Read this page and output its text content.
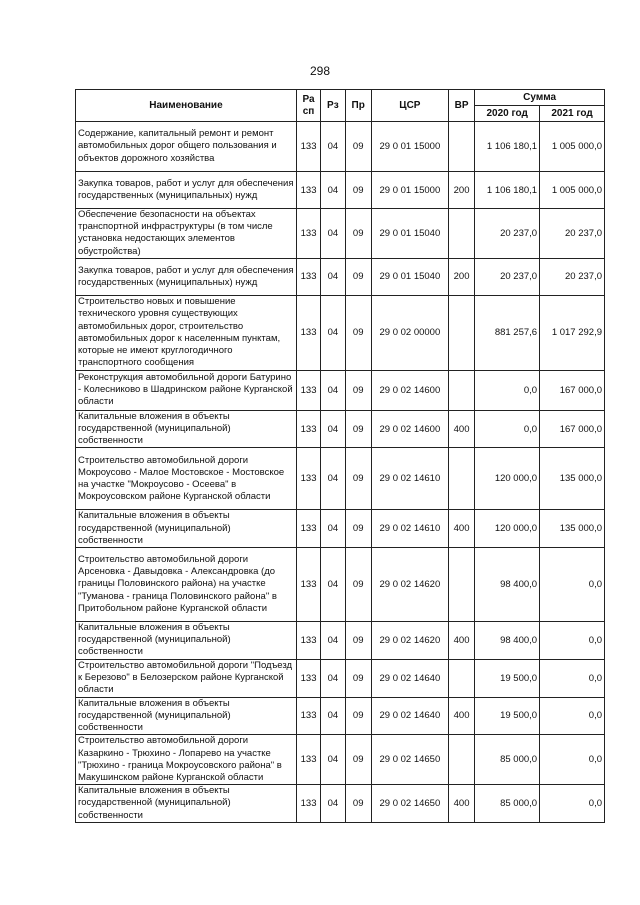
298
Наименование	Ра сп	Рз	Пр	ЦСР	ВР	Сумма	
						2020 год	2021 год
Содержание, капитальный ремонт и ремонт автомобильных дорог общего пользования и объектов дорожного хозяйства	133	04	09	29 0 01 15000		1 106 180,1	1 005 000,0
Закупка товаров, работ и услуг для обеспечения государственных (муниципальных) нужд	133	04	09	29 0 01 15000	200	1 106 180,1	1 005 000,0
Обеспечение безопасности на объектах транспортной инфраструктуры (в том числе установка недостающих элементов обустройства)	133	04	09	29 0 01 15040		20 237,0	20 237,0
Закупка товаров, работ и услуг для обеспечения государственных (муниципальных) нужд	133	04	09	29 0 01 15040	200	20 237,0	20 237,0
Строительство новых и повышение технического уровня существующих автомобильных дорог, строительство автомобильных дорог к населенным пунктам, которые не имеют круглогодичного транспортного сообщения	133	04	09	29 0 02 00000		881 257,6	1 017 292,9
Реконструкция автомобильной дороги Батурино - Колесниково в Шадринском районе Курганской области	133	04	09	29 0 02 14600		0,0	167 000,0
Капитальные вложения в объекты государственной (муниципальной) собственности	133	04	09	29 0 02 14600	400	0,0	167 000,0
Строительство автомобильной дороги Мокроусово - Малое Мостовское - Мостовское на участке "Мокроусово - Осеева" в Мокроусовском районе Курганской области	133	04	09	29 0 02 14610		120 000,0	135 000,0
Капитальные вложения в объекты государственной (муниципальной) собственности	133	04	09	29 0 02 14610	400	120 000,0	135 000,0
Строительство автомобильной дороги Арсеновка - Давыдовка - Александровка (до границы Половинского района) на участке "Туманова - граница Половинского района" в Притобольном районе Курганской области	133	04	09	29 0 02 14620		98 400,0	0,0
Капитальные вложения в объекты государственной (муниципальной) собственности	133	04	09	29 0 02 14620	400	98 400,0	0,0
Строительство автомобильной дороги "Подъезд к Березово" в Белозерском районе Курганской области	133	04	09	29 0 02 14640		19 500,0	0,0
Капитальные вложения в объекты государственной (муниципальной) собственности	133	04	09	29 0 02 14640	400	19 500,0	0,0
Строительство автомобильной дороги Казаркино - Трюхино - Лопарево на участке "Трюхино - граница Мокроусовского района" в Макушинском районе Курганской области	133	04	09	29 0 02 14650		85 000,0	0,0
Капитальные вложения в объекты государственной (муниципальной) собственности	133	04	09	29 0 02 14650	400	85 000,0	0,0
